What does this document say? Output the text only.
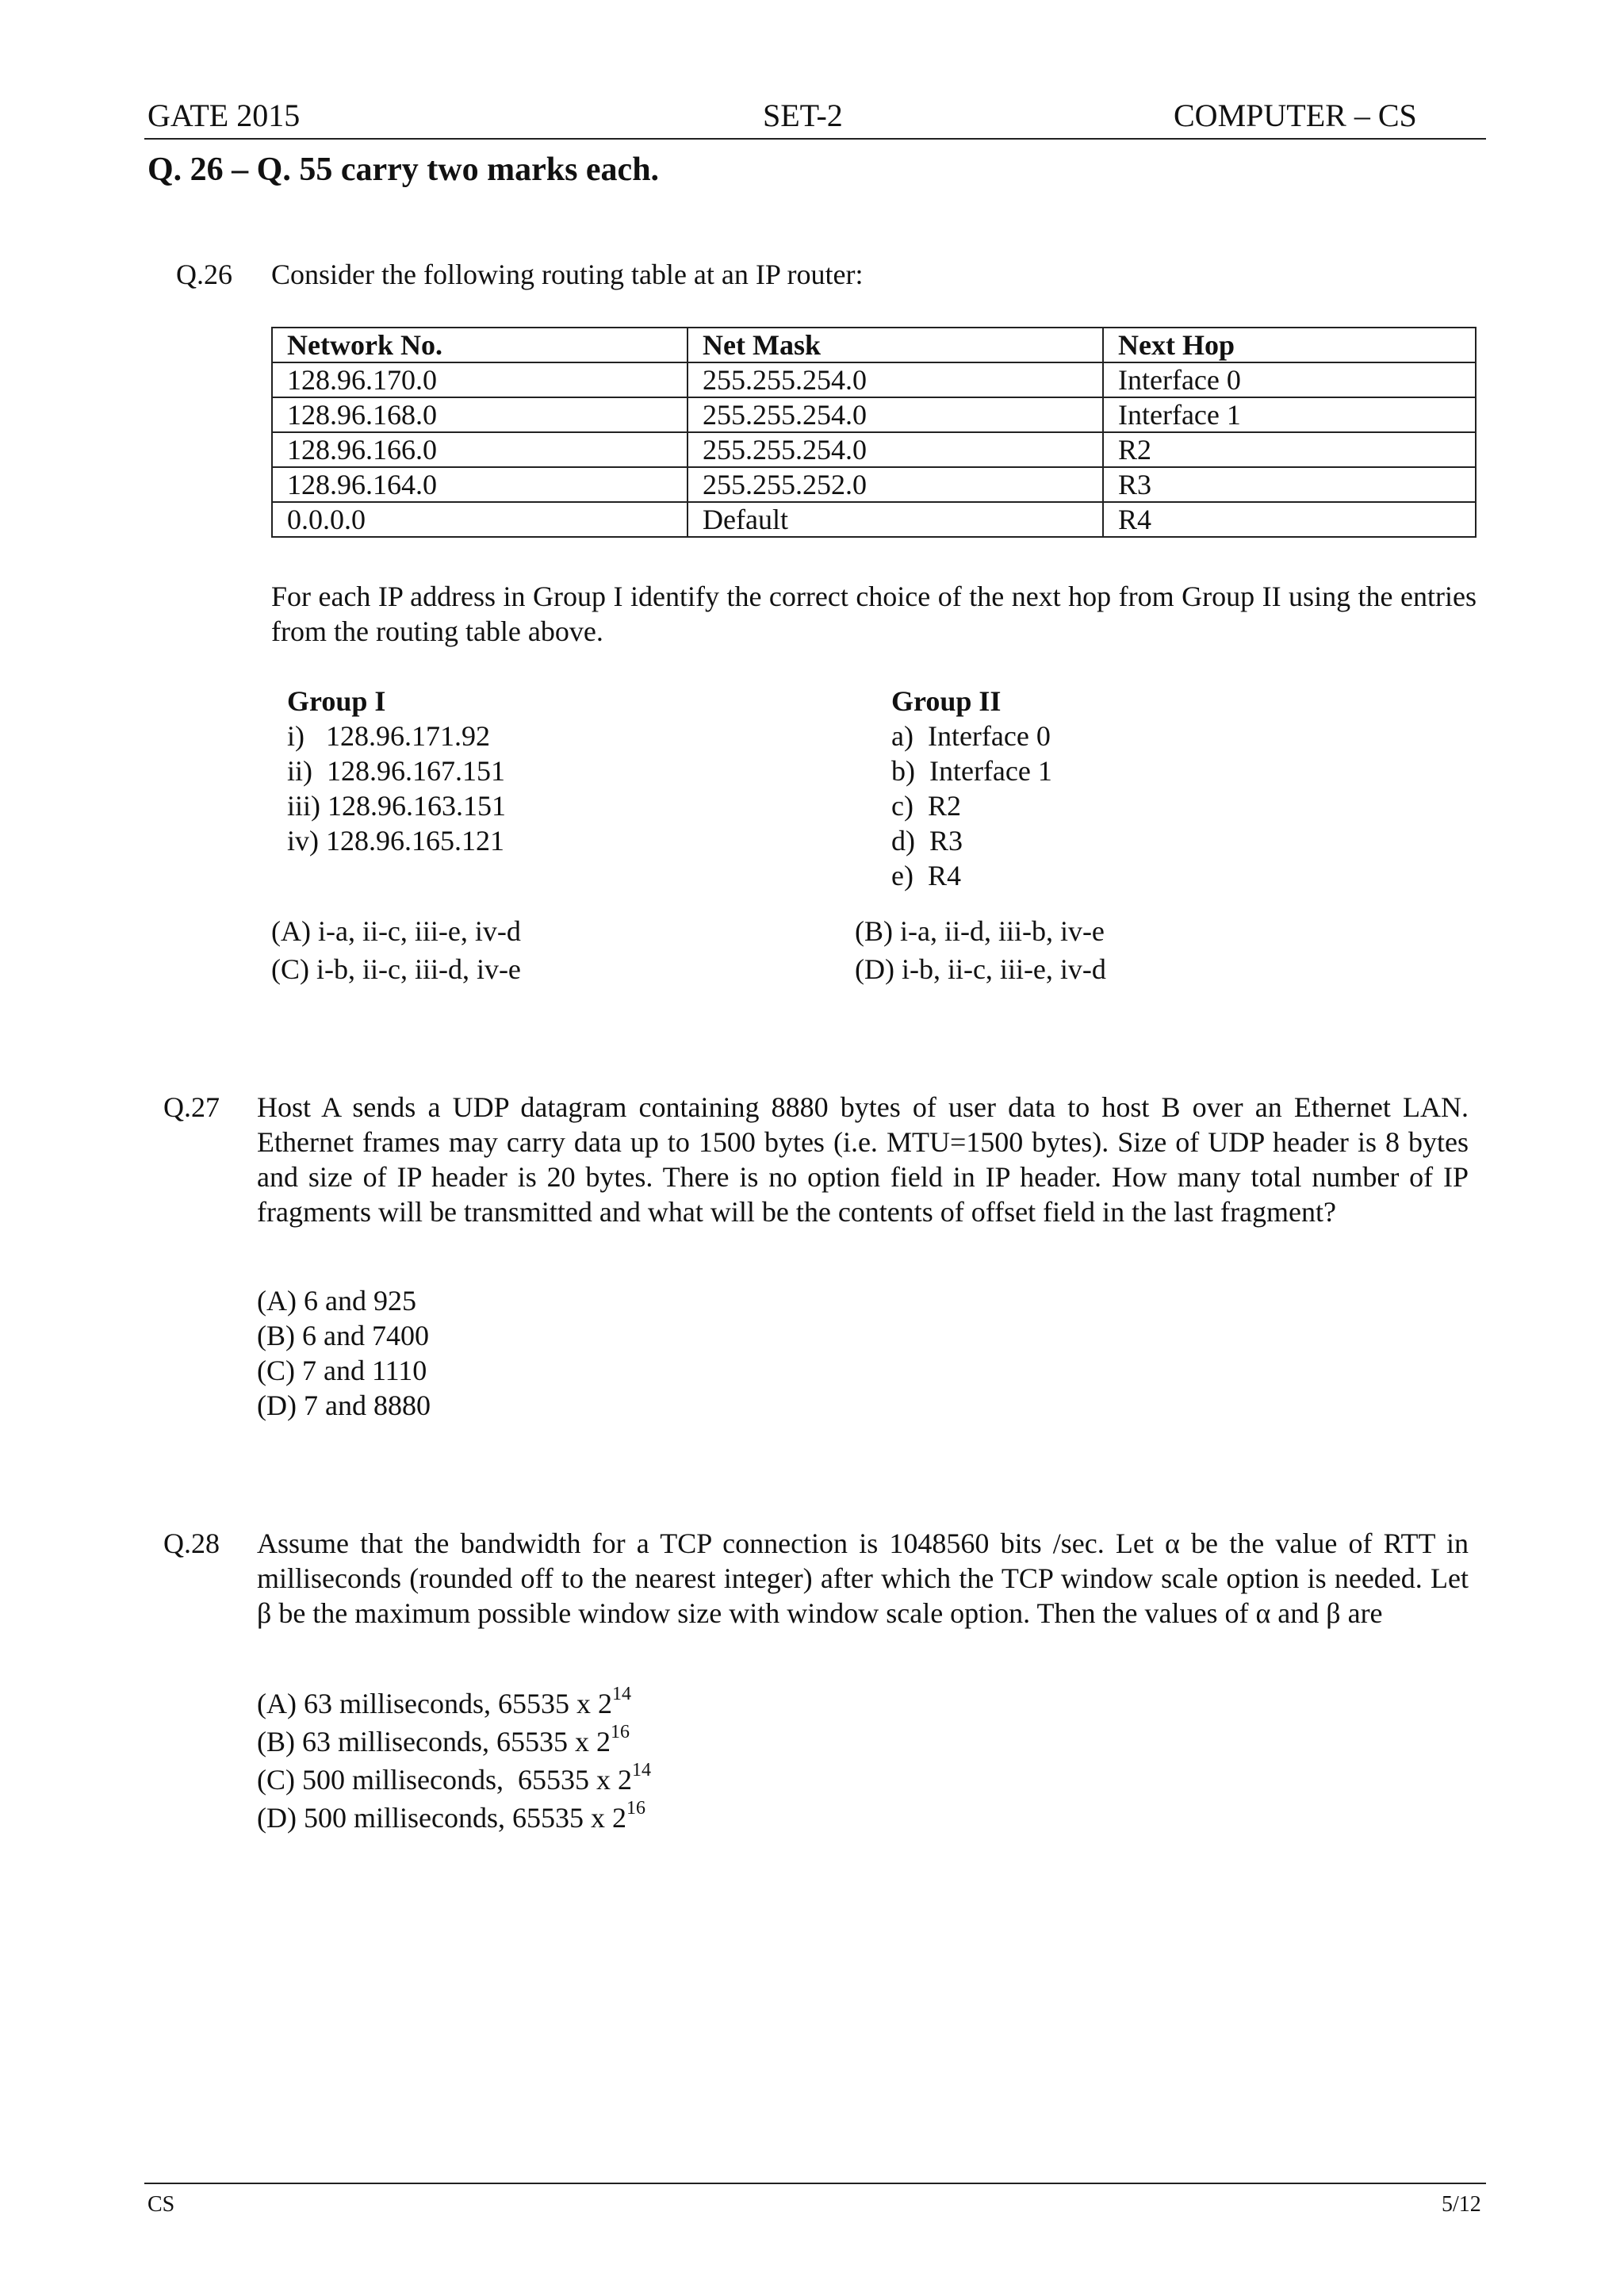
GATE 2015	SET-2	COMPUTER – CS
Q. 26 – Q. 55 carry two marks each.
Q.26 Consider the following routing table at an IP router:
Network No.	Net Mask	Next Hop
128.96.170.0	255.255.254.0	Interface 0
128.96.168.0	255.255.254.0	Interface 1
128.96.166.0	255.255.254.0	R2
128.96.164.0	255.255.252.0	R3
0.0.0.0	Default	R4
For each IP address in Group I identify the correct choice of the next hop from Group II using the entries from the routing table above.
Group I
i)   128.96.171.92
ii)  128.96.167.151
iii) 128.96.163.151
iv) 128.96.165.121
Group II
a)  Interface 0
b)  Interface 1
c)  R2
d)  R3
e)  R4
(A) i-a, ii-c, iii-e, iv-d	(B) i-a, ii-d, iii-b, iv-e
(C) i-b, ii-c, iii-d, iv-e	(D) i-b, ii-c, iii-e, iv-d
Q.27 Host A sends a UDP datagram containing 8880 bytes of user data to host B over an Ethernet LAN. Ethernet frames may carry data up to 1500 bytes (i.e. MTU=1500 bytes). Size of UDP header is 8 bytes and size of IP header is 20 bytes. There is no option field in IP header. How many total number of IP fragments will be transmitted and what will be the contents of offset field in the last fragment?
(A) 6 and 925
(B) 6 and 7400
(C) 7 and 1110
(D) 7 and 8880
Q.28 Assume that the bandwidth for a TCP connection is 1048560 bits /sec. Let α be the value of RTT in milliseconds (rounded off to the nearest integer) after which the TCP window scale option is needed. Let β be the maximum possible window size with window scale option. Then the values of α and β are
(A) 63 milliseconds, 65535 x $2^{14}$
(B) 63 milliseconds, 65535 x $2^{16}$
(C) 500 milliseconds,  65535 x $2^{14}$
(D) 500 milliseconds, 65535 x $2^{16}$
CS	5/12
